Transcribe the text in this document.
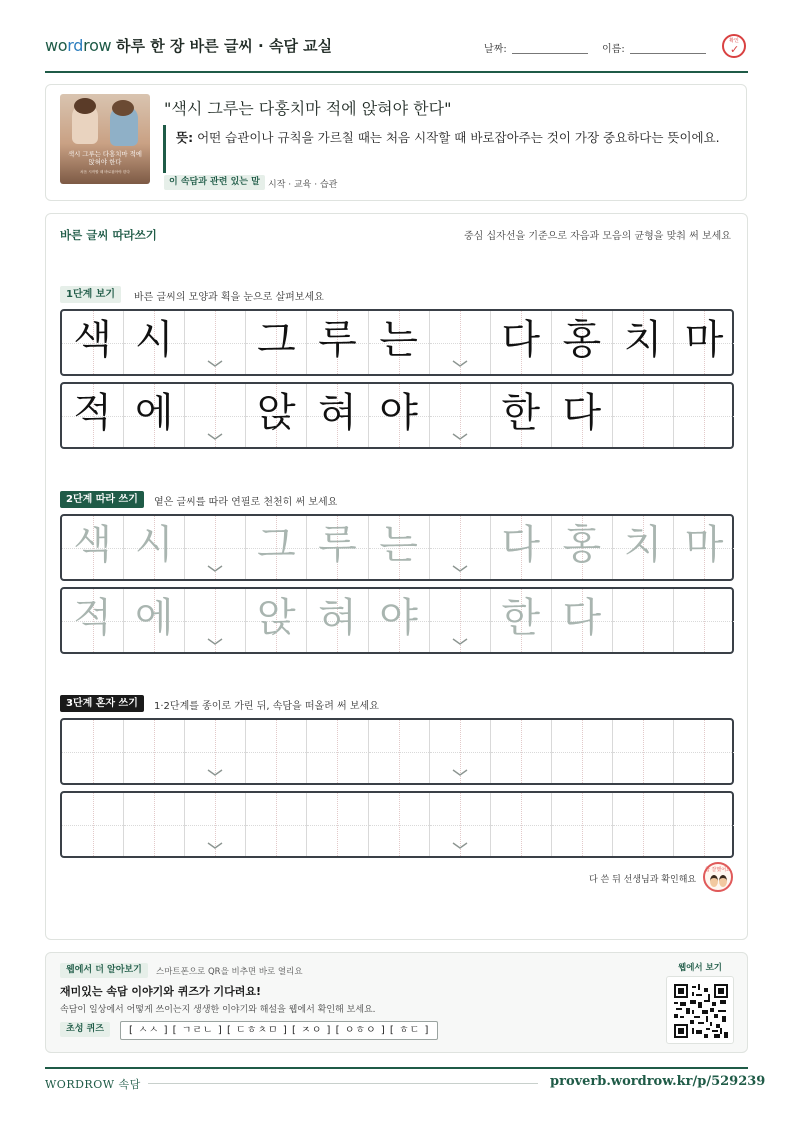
wordrow 하루 한 장 바른 글씨 · 속담 교실	날짜:	이름:
확인
✓
색시 그루는 다홍치마 적에 앉혀야 한다
처음 시작할 때 바로잡아야 한다
"색시 그루는 다홍치마 적에 앉혀야 한다"
뜻: 어떤 습관이나 규칙을 가르칠 때는 처음 시작할 때 바로잡아주는 것이 가장 중요하다는 뜻이에요.
이 속담과 관련 있는 말 시작 · 교육 · 습관
바른 글씨 따라쓰기	중심 십자선을 기준으로 자음과 모음의 균형을 맞춰 써 보세요
1단계 보기	바른 글씨의 모양과 획을 눈으로 살펴보세요
색 시 그 루 는 다 홍 치 마
적 에 앉 혀 야 한 다
2단계 따라 쓰기	옅은 글씨를 따라 연필로 천천히 써 보세요
색 시 그 루 는 다 홍 치 마
적 에 앉 혀 야 한 다
3단계 혼자 쓰기	1·2단계를 종이로 가린 뒤, 속담을 떠올려 써 보세요
다 쓴 뒤 선생님과 확인해요
참 잘했어요
웹에서 더 알아보기	스마트폰으로 QR을 비추면 바로 열리요
재미있는 속담 이야기와 퀴즈가 기다려요!
속담이 일상에서 어떻게 쓰이는지 생생한 이야기와 해설을 웹에서 확인해 보세요.
초성 퀴즈	[ ㅅㅅ ] [ ㄱㄹㄴ ] [ ㄷㅎㅊㅁ ] [ ㅈㅇ ] [ ㅇㅎㅇ ] [ ㅎㄷ ]
웹에서 보기
WORDROW 속담	proverb.wordrow.kr/p/529239
